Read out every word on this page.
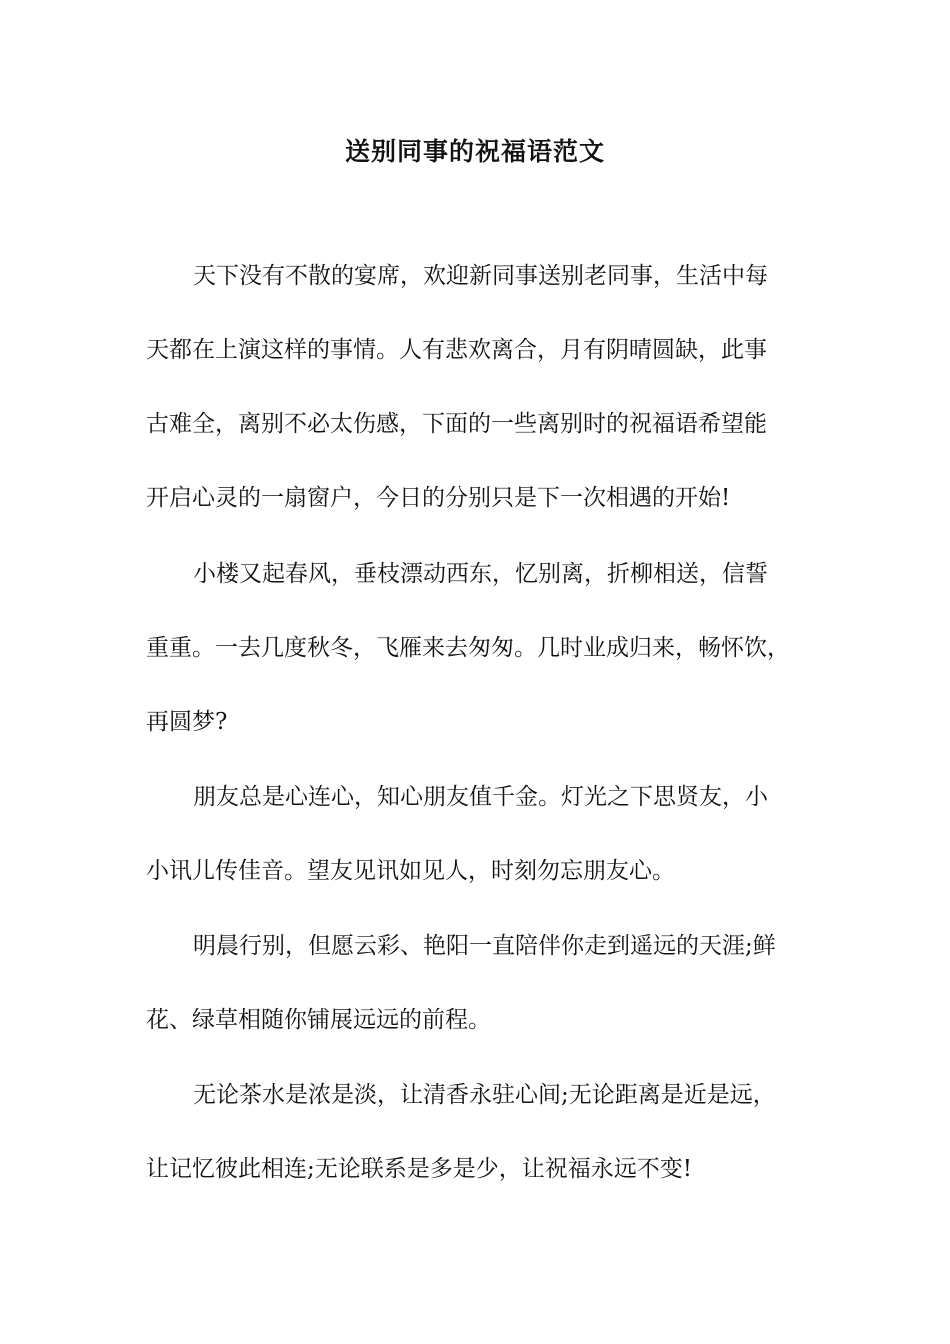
送别同事的祝福语范文

天下没有不散的宴席，欢迎新同事送别老同事，生活中每

天都在上演这样的事情。人有悲欢离合，月有阴晴圆缺，此事

古难全，离别不必太伤感，下面的一些离别时的祝福语希望能

开启心灵的一扇窗户，今日的分别只是下一次相遇的开始!

小楼又起春风，垂枝漂动西东，忆别离，折柳相送，信誓

重重。一去几度秋冬，飞雁来去匆匆。几时业成归来，畅怀饮，

再圆梦?

朋友总是心连心，知心朋友值千金。灯光之下思贤友，小

小讯儿传佳音。望友见讯如见人，时刻勿忘朋友心。

明晨行别，但愿云彩、艳阳一直陪伴你走到遥远的天涯;鲜

花、绿草相随你铺展远远的前程。

无论茶水是浓是淡，让清香永驻心间;无论距离是近是远，

让记忆彼此相连;无论联系是多是少，让祝福永远不变!
